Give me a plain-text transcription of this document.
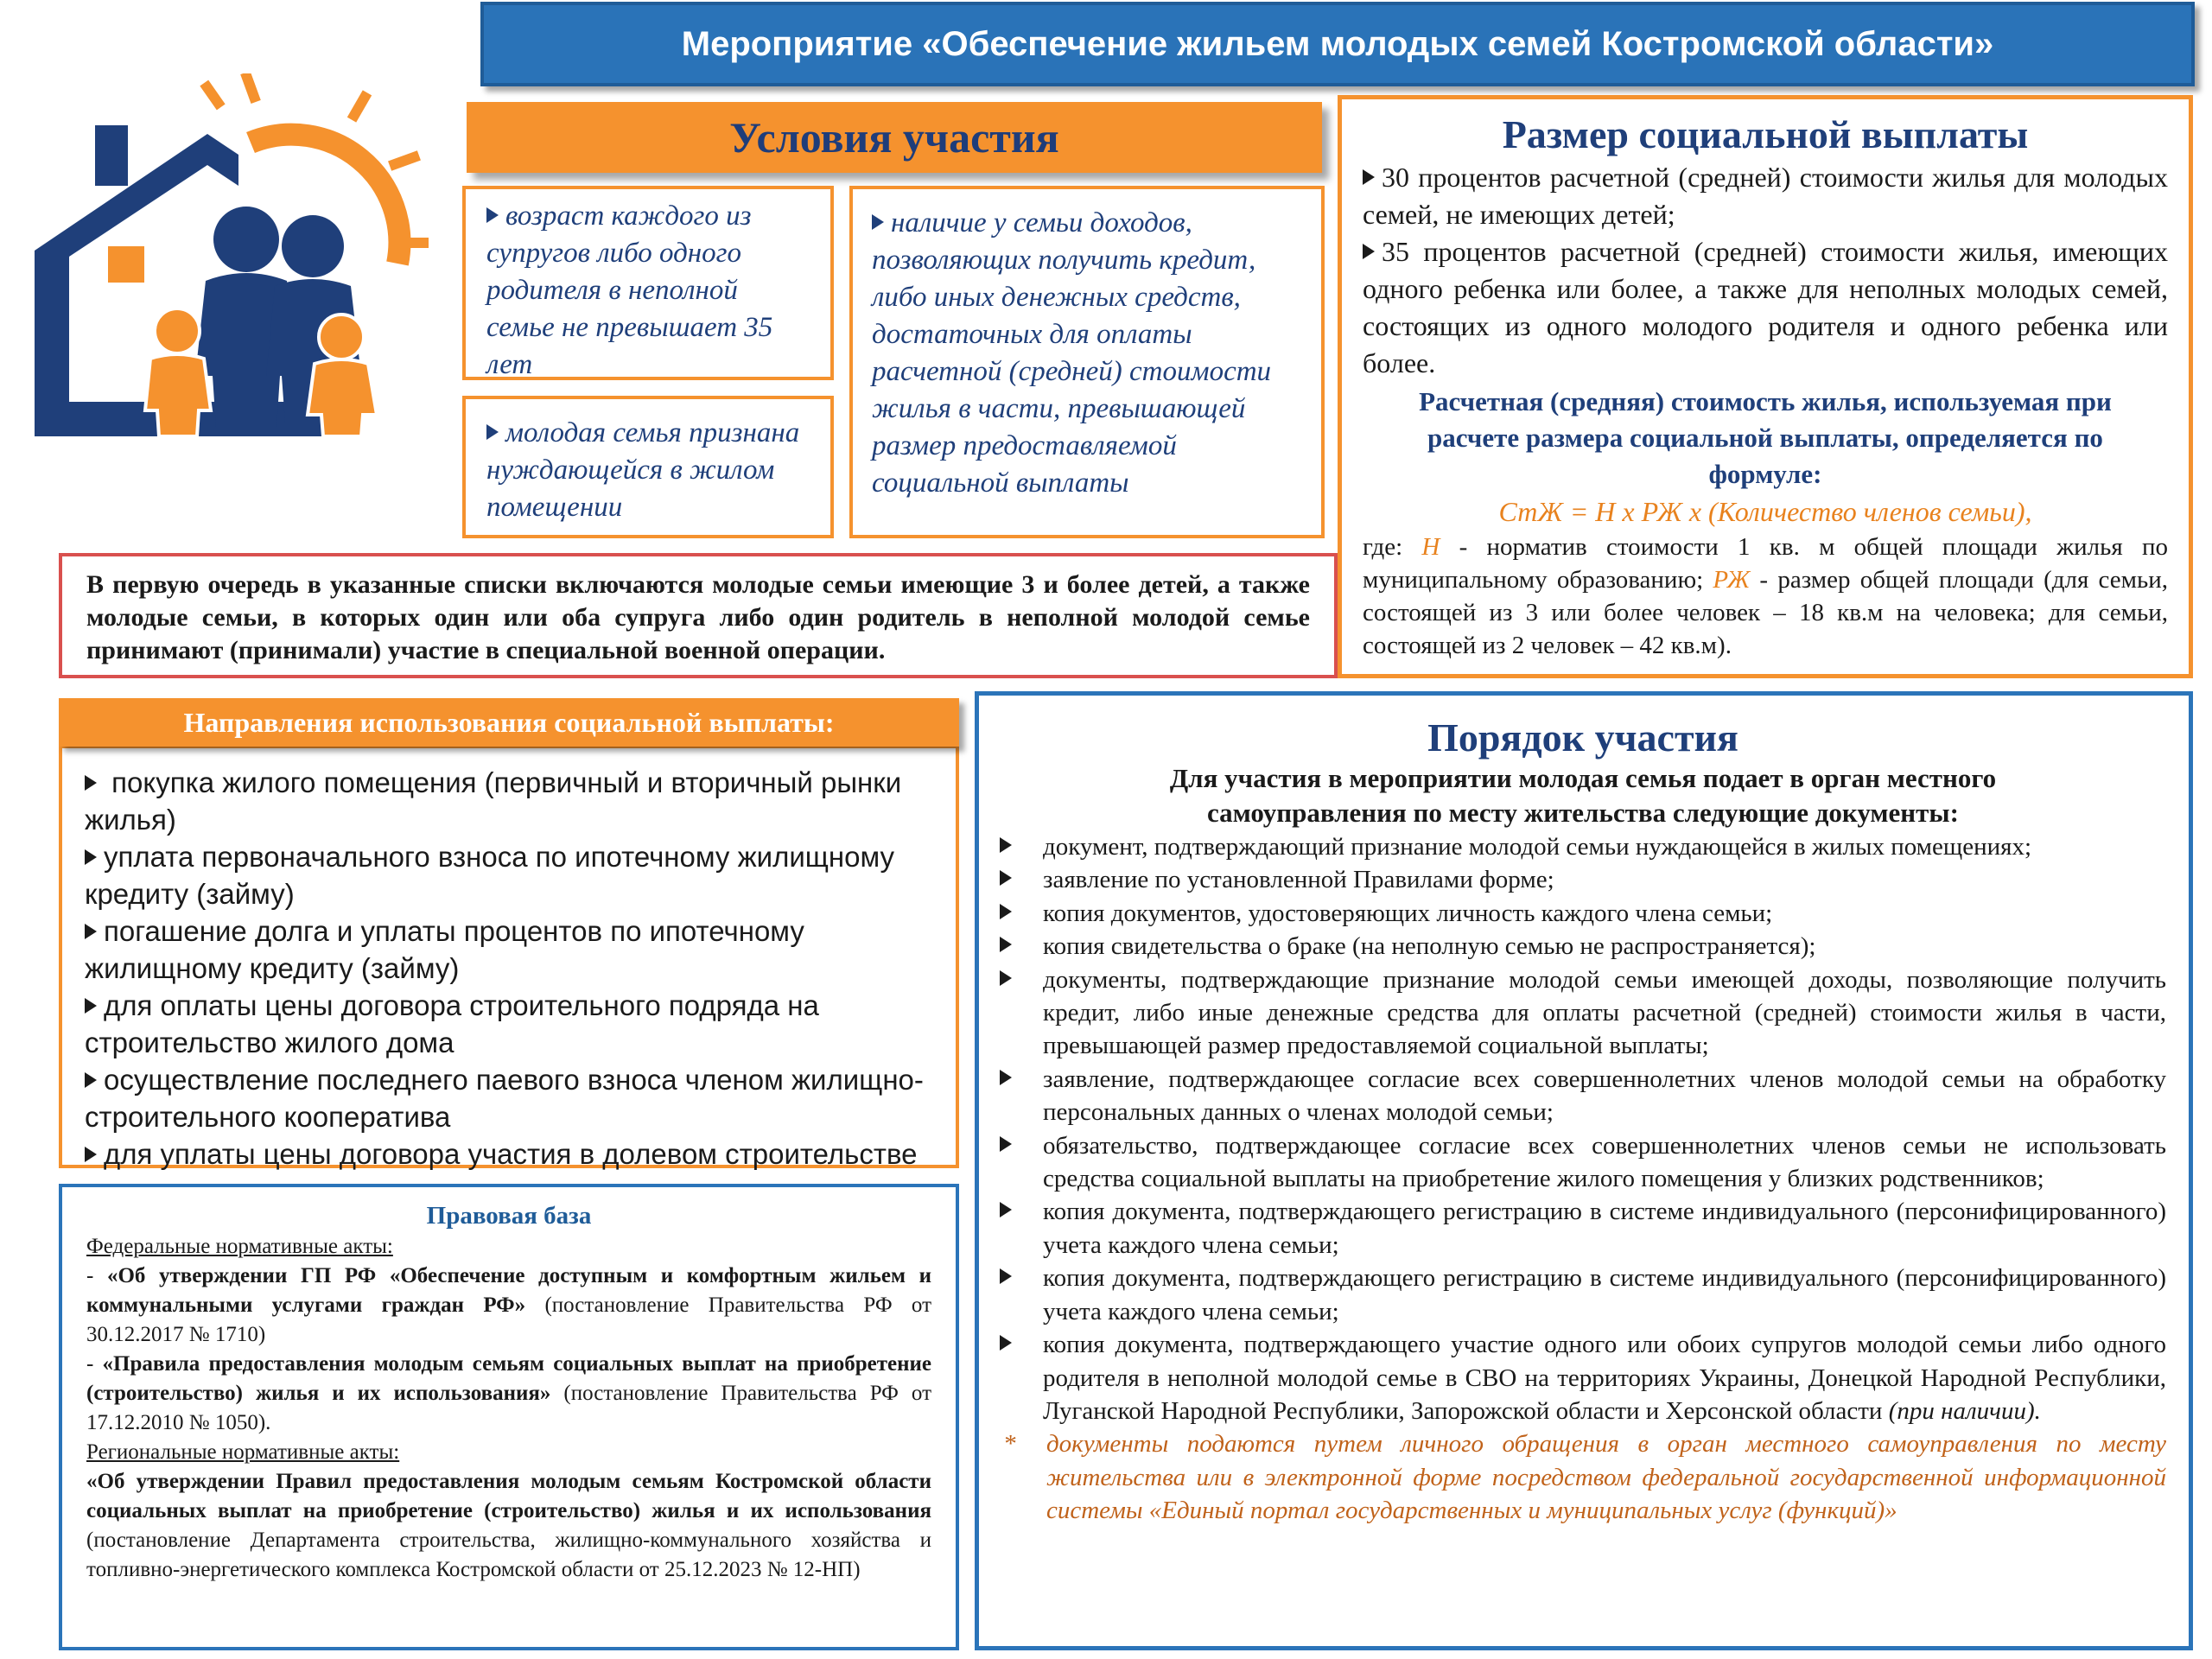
Мероприятие «Обеспечение жильем молодых семей Костромской области»
Условия участия
возраст каждого из супругов либо одного родителя в неполной семье не превышает 35 лет
молодая семья признана нуждающейся в жилом помещении
наличие у семьи доходов, позволяющих получить кредит, либо иных денежных средств, достаточных для оплаты расчетной (средней) стоимости жилья в части, превышающей размер предоставляемой социальной выплаты
В первую очередь в указанные списки включаются молодые семьи имеющие 3 и более детей, а также молодые семьи, в которых один или оба супруга либо один родитель в неполной молодой семье принимают (принимали) участие в специальной военной операции.
Размер социальной выплаты
30 процентов расчетной (средней) стоимости жилья для молодых семей, не имеющих детей;
35 процентов расчетной (средней) стоимости жилья, имеющих одного ребенка или более, а также для неполных молодых семей, состоящих из одного молодого родителя и одного ребенка или более.
Расчетная (средняя) стоимость жилья, используемая при расчете размера социальной выплаты, определяется по формуле:
СтЖ = Н х РЖ х (Количество членов семьи),
где: Н - норматив стоимости 1 кв. м общей площади жилья по муниципальному образованию; РЖ - размер общей площади (для семьи, состоящей из 3 или более человек – 18 кв.м на человека; для семьи, состоящей из 2 человек – 42 кв.м).
покупка жилого помещения (первичный и вторичный рынки жилья)
уплата первоначального взноса по ипотечному жилищному кредиту (займу)
погашение долга и уплаты процентов по ипотечному жилищному кредиту (займу)
для оплаты цены договора строительного подряда на строительство жилого дома
осуществление последнего паевого взноса членом жилищно-строительного кооператива
для уплаты цены договора участия в долевом строительстве
Направления использования социальной выплаты:
Правовая база
Федеральные нормативные акты:
- «Об утверждении ГП РФ «Обеспечение доступным и комфортным жильем и коммунальными услугами граждан РФ» (постановление Правительства РФ от 30.12.2017 № 1710)
- «Правила предоставления молодым семьям социальных выплат на приобретение (строительство) жилья и их использования» (постановление Правительства РФ от 17.12.2010 № 1050).
Региональные нормативные акты:
«Об утверждении Правил предоставления молодым семьям Костромской области социальных выплат на приобретение (строительство) жилья и их использования (постановление Департамента строительства, жилищно-коммунального хозяйства и топливно-энергетического комплекса Костромской области от 25.12.2023 № 12-НП)
Порядок участия
Для участия в мероприятии молодая семья подает в орган местного самоуправления по месту жительства следующие документы:
документ, подтверждающий признание молодой семьи нуждающейся в жилых помещениях;
заявление по установленной Правилами форме;
копия документов, удостоверяющих личность каждого члена семьи;
копия свидетельства о браке (на неполную семью не распространяется);
документы, подтверждающие признание молодой семьи имеющей доходы, позволяющие получить кредит, либо иные денежные средства для оплаты расчетной (средней) стоимости жилья в части, превышающей размер предоставляемой социальной выплаты;
заявление, подтверждающее согласие всех совершеннолетних членов молодой семьи на обработку персональных данных о членах молодой семьи;
обязательство, подтверждающее согласие всех совершеннолетних членов семьи не использовать средства социальной выплаты на приобретение жилого помещения у близких родственников;
копия документа, подтверждающего регистрацию в системе индивидуального (персонифицированного) учета каждого члена семьи;
копия документа, подтверждающего регистрацию в системе индивидуального (персонифицированного) учета каждого члена семьи;
копия документа, подтверждающего участие одного или обоих супругов молодой семьи либо одного родителя в неполной молодой семье в СВО на территориях Украины, Донецкой Народной Республики, Луганской Народной Республики, Запорожской области и Херсонской области (при наличии).
*	документы подаются путем личного обращения в орган местного самоуправления по месту жительства или в электронной форме посредством федеральной государственной информационной системы «Единый портал государственных и муниципальных услуг (функций)»
